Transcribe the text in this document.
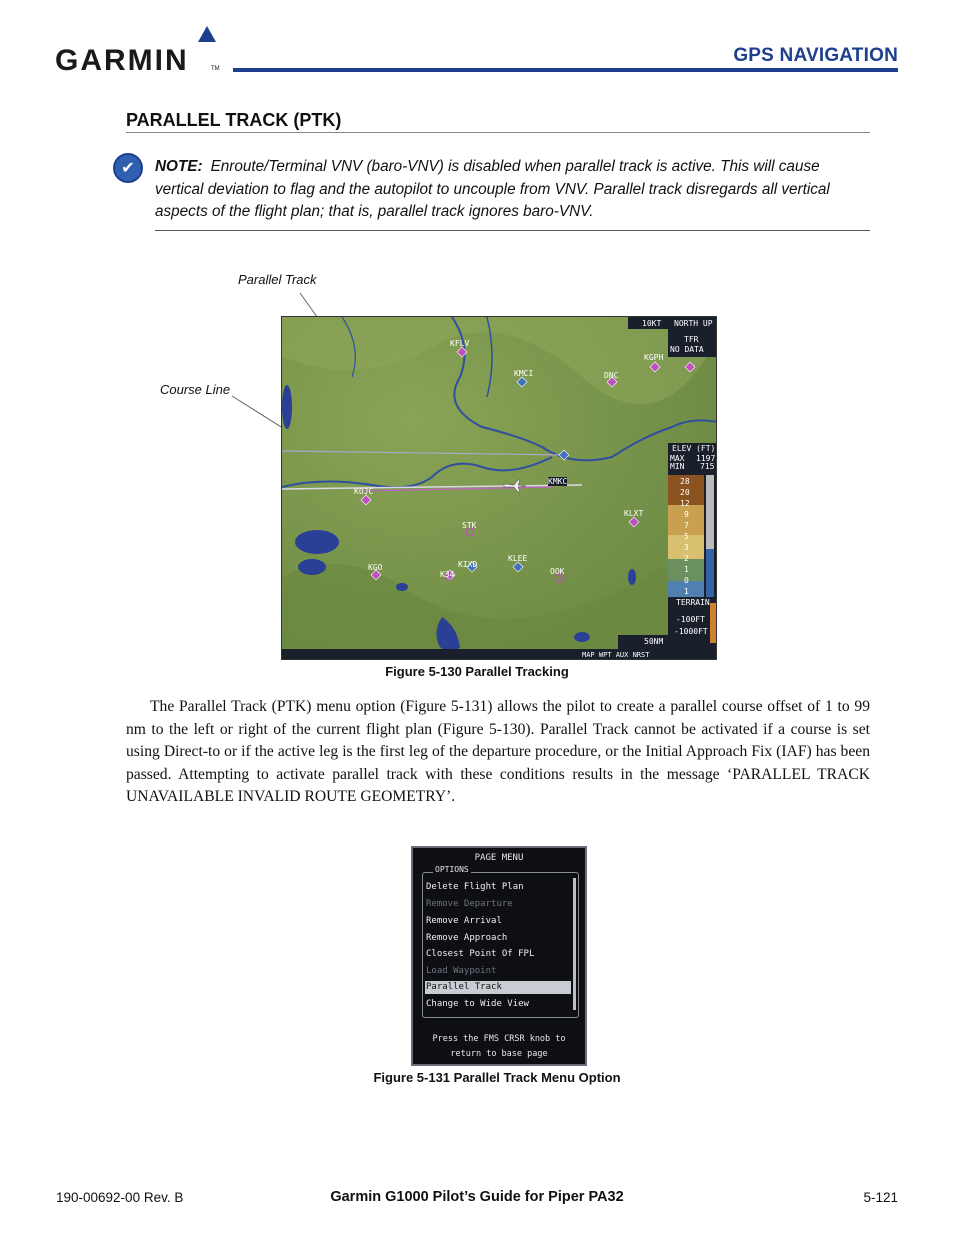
GARMIN	TM
GPS NAVIGATION
PARALLEL TRACK (PTK)
✔	NOTE: Enroute/Terminal VNV (baro-VNV) is disabled when parallel track is active. This will cause vertical deviation to flag and the autopilot to uncouple from VNV. Parallel track disregards all vertical aspects of the flight plan; that is, parallel track ignores baro-VNV.
Parallel Track
Course Line
10KT NORTH UP
TFR
NO DATA
ELEV (FT)
MAX 1197
MIN 715
TERRAIN
-100FT
-1000FT
50NM
MAP WPT AUX NRST
KFLV
KMCI	DNC
KGPH
KMKC
KOJC
STK
KLXT
KIXD
KLEE
K34	OOK
KGO
28
20
12
9
7
5
3
2
1
0
1
Figure 5-130 Parallel Tracking
The Parallel Track (PTK) menu option (Figure 5-131) allows the pilot to create a parallel course offset of 1 to 99 nm to the left or right of the current flight plan (Figure 5-130). Parallel Track cannot be activated if a course is set using Direct-to or if the active leg is the first leg of the departure procedure, or the Initial Approach Fix (IAF) has been passed. Attempting to activate parallel track with these conditions results in the message ‘PARALLEL TRACK UNAVAILABLE INVALID ROUTE GEOMETRY’.
PAGE MENU
OPTIONS
Delete Flight Plan
Remove Departure
Remove Arrival
Remove Approach
Closest Point Of FPL
Load Waypoint
Parallel Track
Change to Wide View
Press the FMS CRSR knob to
return to base page
Figure 5-131 Parallel Track Menu Option
190-00692-00 Rev. B	Garmin G1000 Pilot’s Guide for Piper PA32	5-121
